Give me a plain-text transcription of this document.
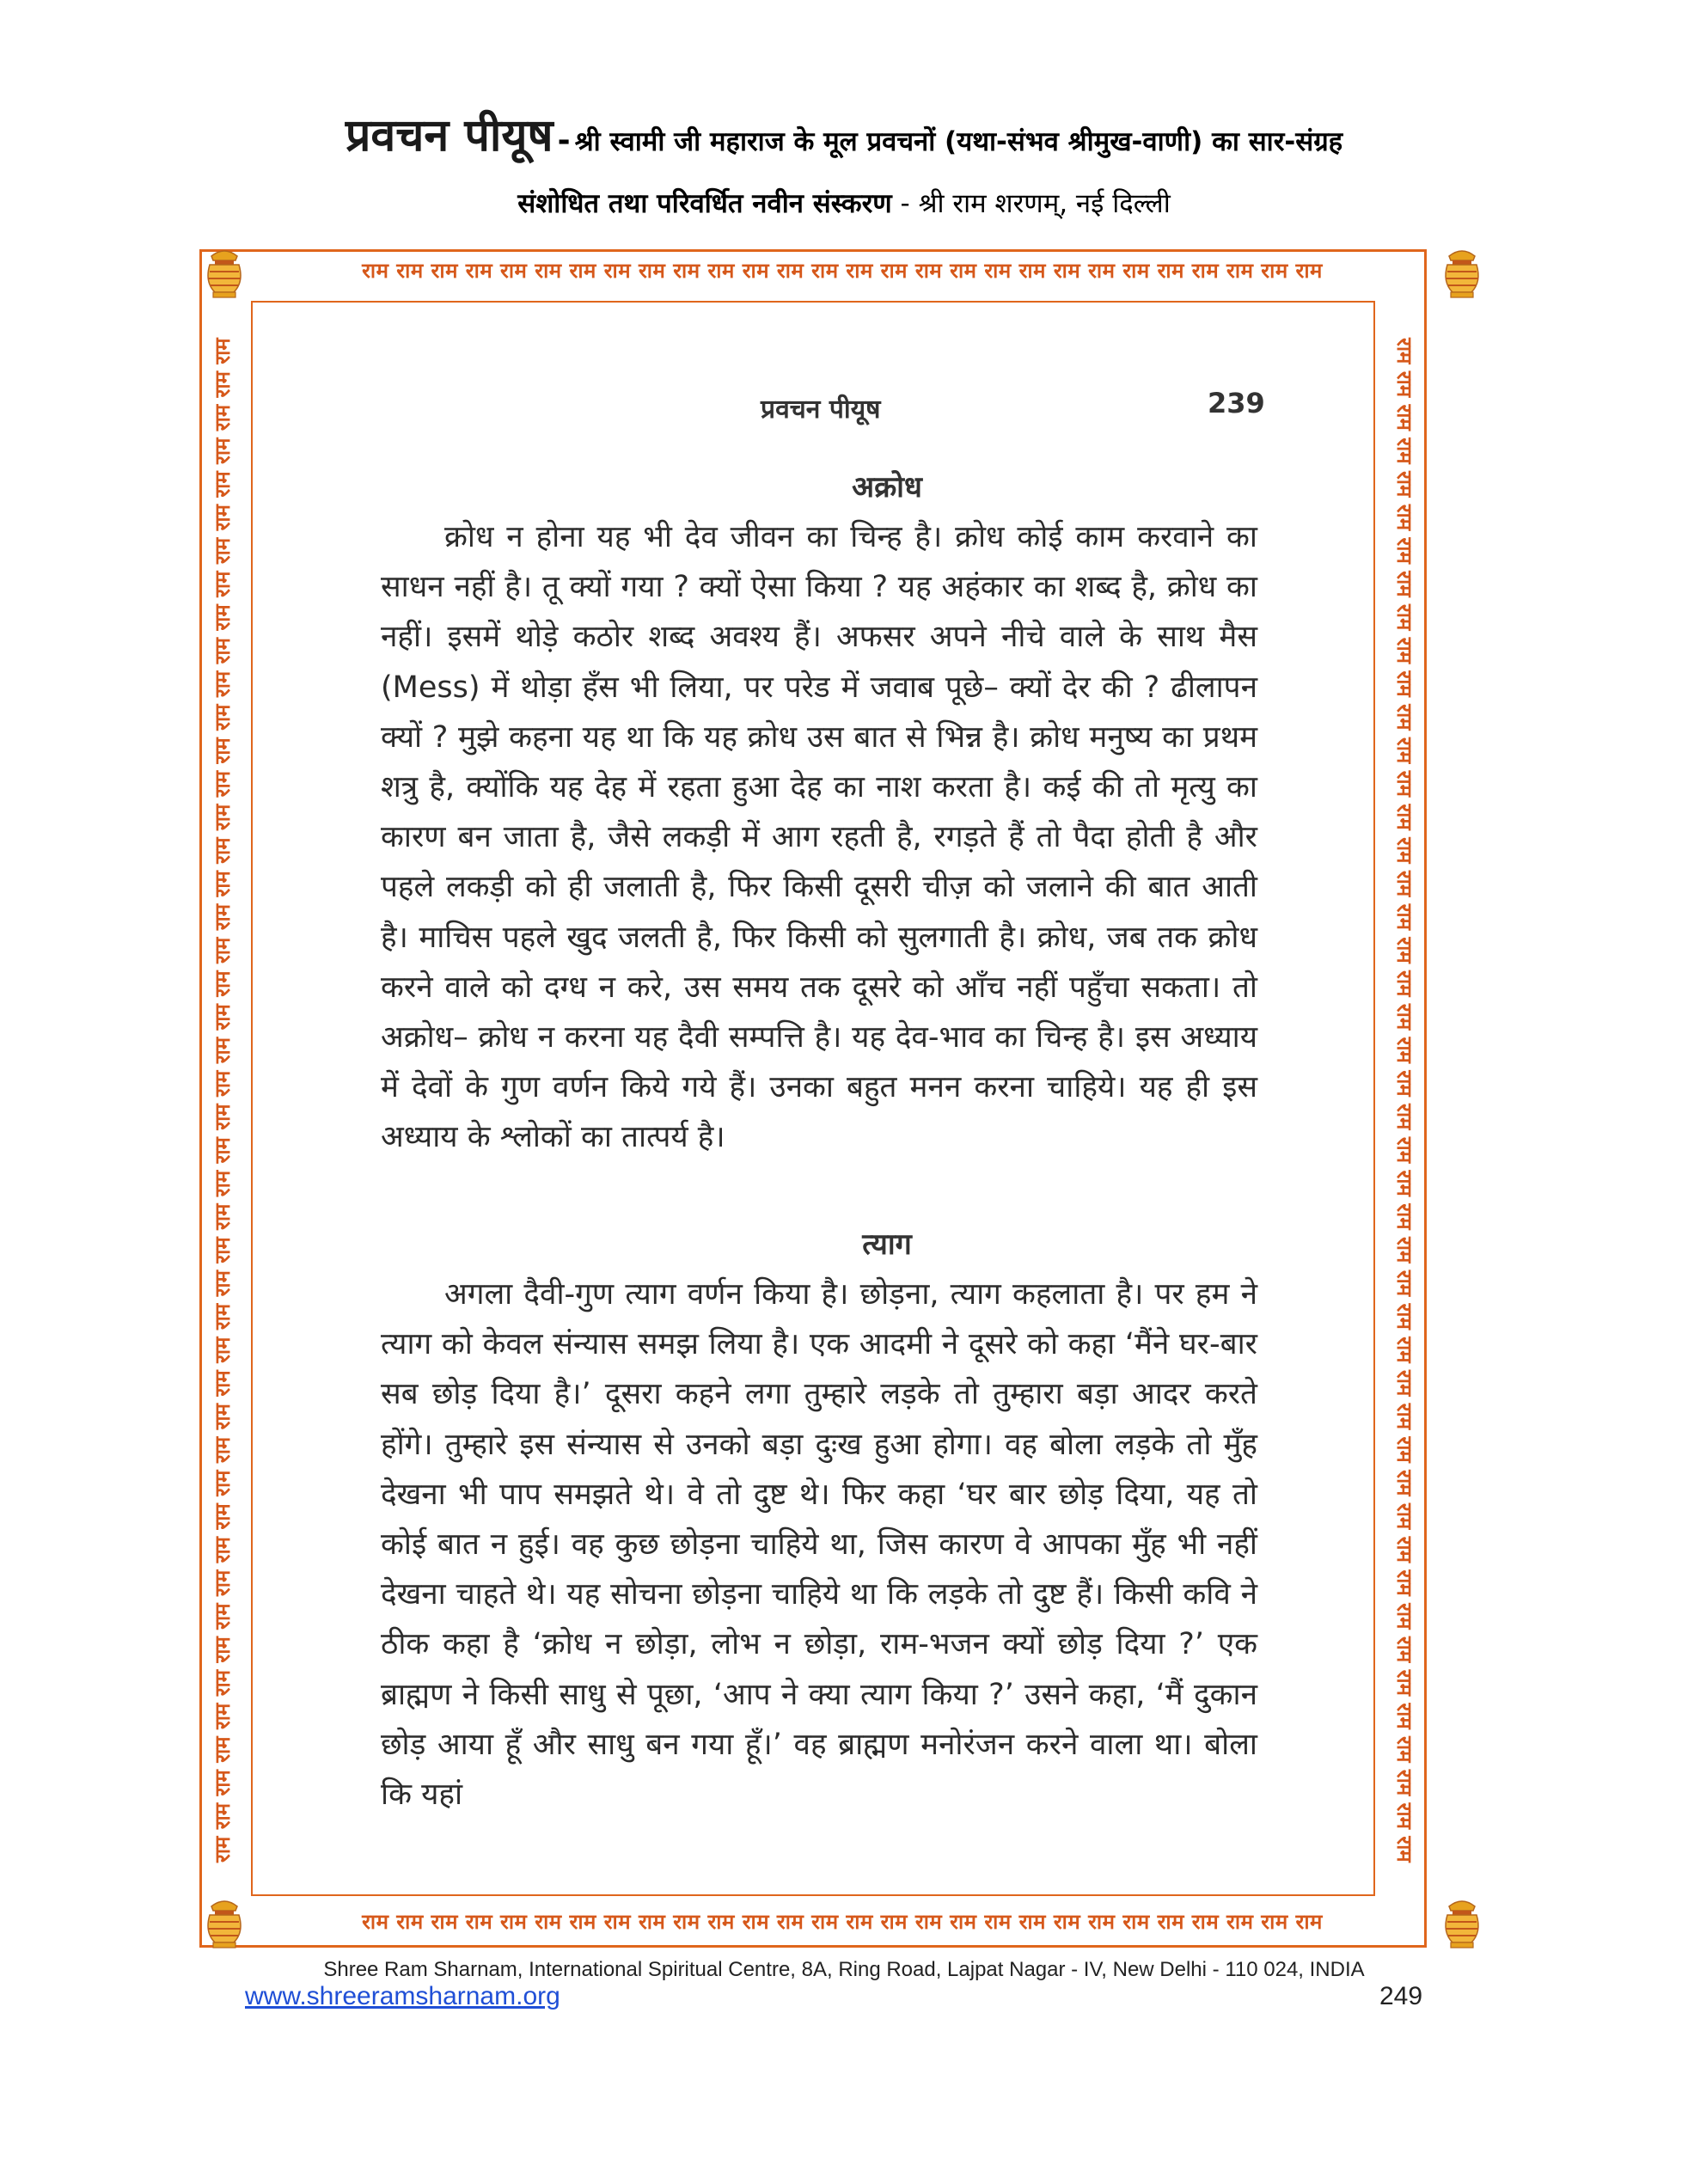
प्रवचन पीयूष - श्री स्वामी जी महाराज के मूल प्रवचनों (यथा-संभव श्रीमुख-वाणी) का सार-संग्रह
संशोधित तथा परिवर्धित नवीन संस्करण - श्री राम शरणम्, नई दिल्ली
राम राम राम राम राम राम राम राम राम राम राम राम राम राम राम राम राम राम राम राम राम राम राम राम राम राम राम राम
राम राम राम राम राम राम राम राम राम राम राम राम राम राम राम राम राम राम राम राम राम राम राम राम राम राम राम राम
राम राम राम राम राम राम राम राम राम राम राम राम राम राम राम राम राम राम राम राम राम राम राम राम राम राम राम राम राम राम राम राम राम राम राम राम राम राम राम राम राम राम राम राम राम राम	राम राम राम राम राम राम राम राम राम राम राम राम राम राम राम राम राम राम राम राम राम राम राम राम राम राम राम राम राम राम राम राम राम राम राम राम राम राम राम राम राम राम राम राम राम राम
प्रवचन पीयूष	239
अक्रोध
क्रोध न होना यह भी देव जीवन का चिन्ह है। क्रोध कोई काम करवाने का साधन नहीं है। तू क्यों गया ? क्यों ऐसा किया ? यह अहंकार का शब्द है, क्रोध का नहीं। इसमें थोड़े कठोर शब्द अवश्य हैं। अफसर अपने नीचे वाले के साथ मैस (Mess) में थोड़ा हँस भी लिया, पर परेड में जवाब पूछे– क्यों देर की ? ढीलापन क्यों ? मुझे कहना यह था कि यह क्रोध उस बात से भिन्न है। क्रोध मनुष्य का प्रथम शत्रु है, क्योंकि यह देह में रहता हुआ देह का नाश करता है। कई की तो मृत्यु का कारण बन जाता है, जैसे लकड़ी में आग रहती है, रगड़ते हैं तो पैदा होती है और पहले लकड़ी को ही जलाती है, फिर किसी दूसरी चीज़ को जलाने की बात आती है। माचिस पहले खुद जलती है, फिर किसी को सुलगाती है। क्रोध, जब तक क्रोध करने वाले को दग्ध न करे, उस समय तक दूसरे को आँच नहीं पहुँचा सकता। तो अक्रोध– क्रोध न करना यह दैवी सम्पत्ति है। यह देव-भाव का चिन्ह है। इस अध्याय में देवों के गुण वर्णन किये गये हैं। उनका बहुत मनन करना चाहिये। यह ही इस अध्याय के श्लोकों का तात्पर्य है।
त्याग
अगला दैवी-गुण त्याग वर्णन किया है। छोड़ना, त्याग कहलाता है। पर हम ने त्याग को केवल संन्यास समझ लिया है। एक आदमी ने दूसरे को कहा ‘मैंने घर-बार सब छोड़ दिया है।’ दूसरा कहने लगा तुम्हारे लड़के तो तुम्हारा बड़ा आदर करते होंगे। तुम्हारे इस संन्यास से उनको बड़ा दुःख हुआ होगा। वह बोला लड़के तो मुँह देखना भी पाप समझते थे। वे तो दुष्ट थे। फिर कहा ‘घर बार छोड़ दिया, यह तो कोई बात न हुई। वह कुछ छोड़ना चाहिये था, जिस कारण वे आपका मुँह भी नहीं देखना चाहते थे। यह सोचना छोड़ना चाहिये था कि लड़के तो दुष्ट हैं। किसी कवि ने ठीक कहा है ‘क्रोध न छोड़ा, लोभ न छोड़ा, राम-भजन क्यों छोड़ दिया ?’ एक ब्राह्मण ने किसी साधु से पूछा, ‘आप ने क्या त्याग किया ?’ उसने कहा, ‘मैं दुकान छोड़ आया हूँ और साधु बन गया हूँ।’ वह ब्राह्मण मनोरंजन करने वाला था। बोला कि यहां
Shree Ram Sharnam, International Spiritual Centre, 8A, Ring Road, Lajpat Nagar - IV, New Delhi - 110 024, INDIA
www.shreeramsharnam.org	249
